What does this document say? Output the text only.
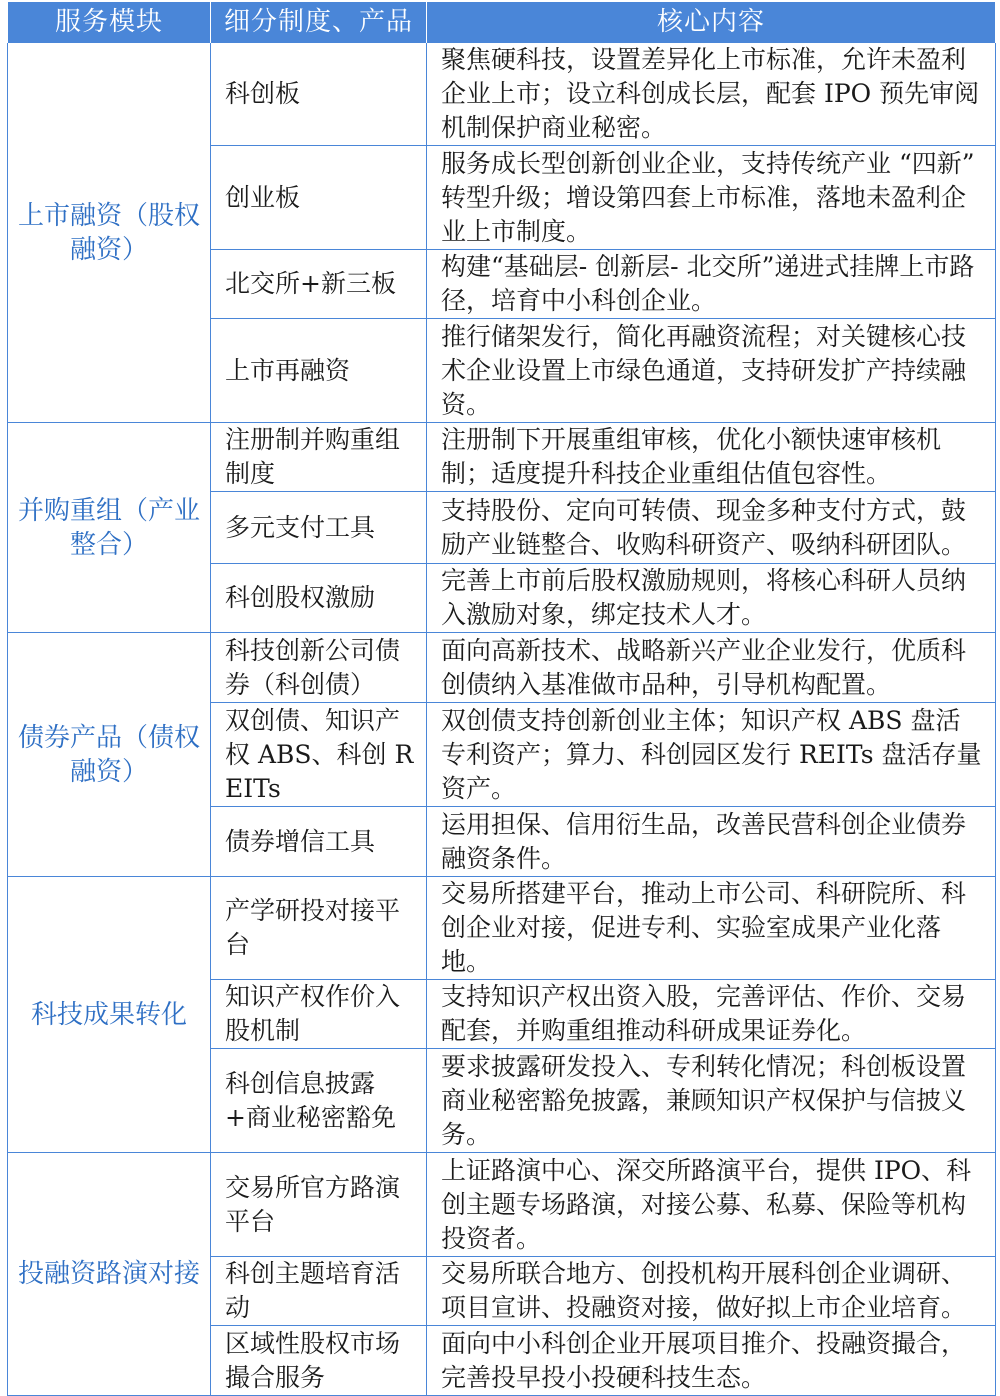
服务模块	细分制度、产品	核心内容
上市融资（股权融资）	科创板	聚焦硬科技，设置差异化上市标准，允许未盈利企业上市；设立科创成长层，配套 IPO 预先审阅机制保护商业秘密。
	创业板	服务成长型创新创业企业，支持传统产业 “四新” 转型升级；增设第四套上市标准，落地未盈利企业上市制度。
	北交所+新三板	构建“基础层- 创新层- 北交所”递进式挂牌上市路径，培育中小科创企业。
	上市再融资	推行储架发行，简化再融资流程；对关键核心技术企业设置上市绿色通道，支持研发扩产持续融资。
并购重组（产业整合）	注册制并购重组制度	注册制下开展重组审核，优化小额快速审核机制；适度提升科技企业重组估值包容性。
	多元支付工具	支持股份、定向可转债、现金多种支付方式，鼓励产业链整合、收购科研资产、吸纳科研团队。
	科创股权激励	完善上市前后股权激励规则，将核心科研人员纳入激励对象，绑定技术人才。
债券产品（债权融资）	科技创新公司债券（科创债）	面向高新技术、战略新兴产业企业发行，优质科创债纳入基准做市品种，引导机构配置。
	双创债、知识产权 ABS、科创 REITs	双创债支持创新创业主体；知识产权 ABS 盘活专利资产；算力、科创园区发行 REITs 盘活存量资产。
	债券增信工具	运用担保、信用衍生品，改善民营科创企业债券融资条件。
科技成果转化	产学研投对接平台	交易所搭建平台，推动上市公司、科研院所、科创企业对接，促进专利、实验室成果产业化落地。
	知识产权作价入股机制	支持知识产权出资入股，完善评估、作价、交易配套，并购重组推动科研成果证券化。
	科创信息披露+商业秘密豁免	要求披露研发投入、专利转化情况；科创板设置商业秘密豁免披露，兼顾知识产权保护与信披义务。
投融资路演对接	交易所官方路演平台	上证路演中心、深交所路演平台，提供 IPO、科创主题专场路演，对接公募、私募、保险等机构投资者。
	科创主题培育活动	交易所联合地方、创投机构开展科创企业调研、项目宣讲、投融资对接，做好拟上市企业培育。
	区域性股权市场撮合服务	面向中小科创企业开展项目推介、投融资撮合，完善投早投小投硬科技生态。
